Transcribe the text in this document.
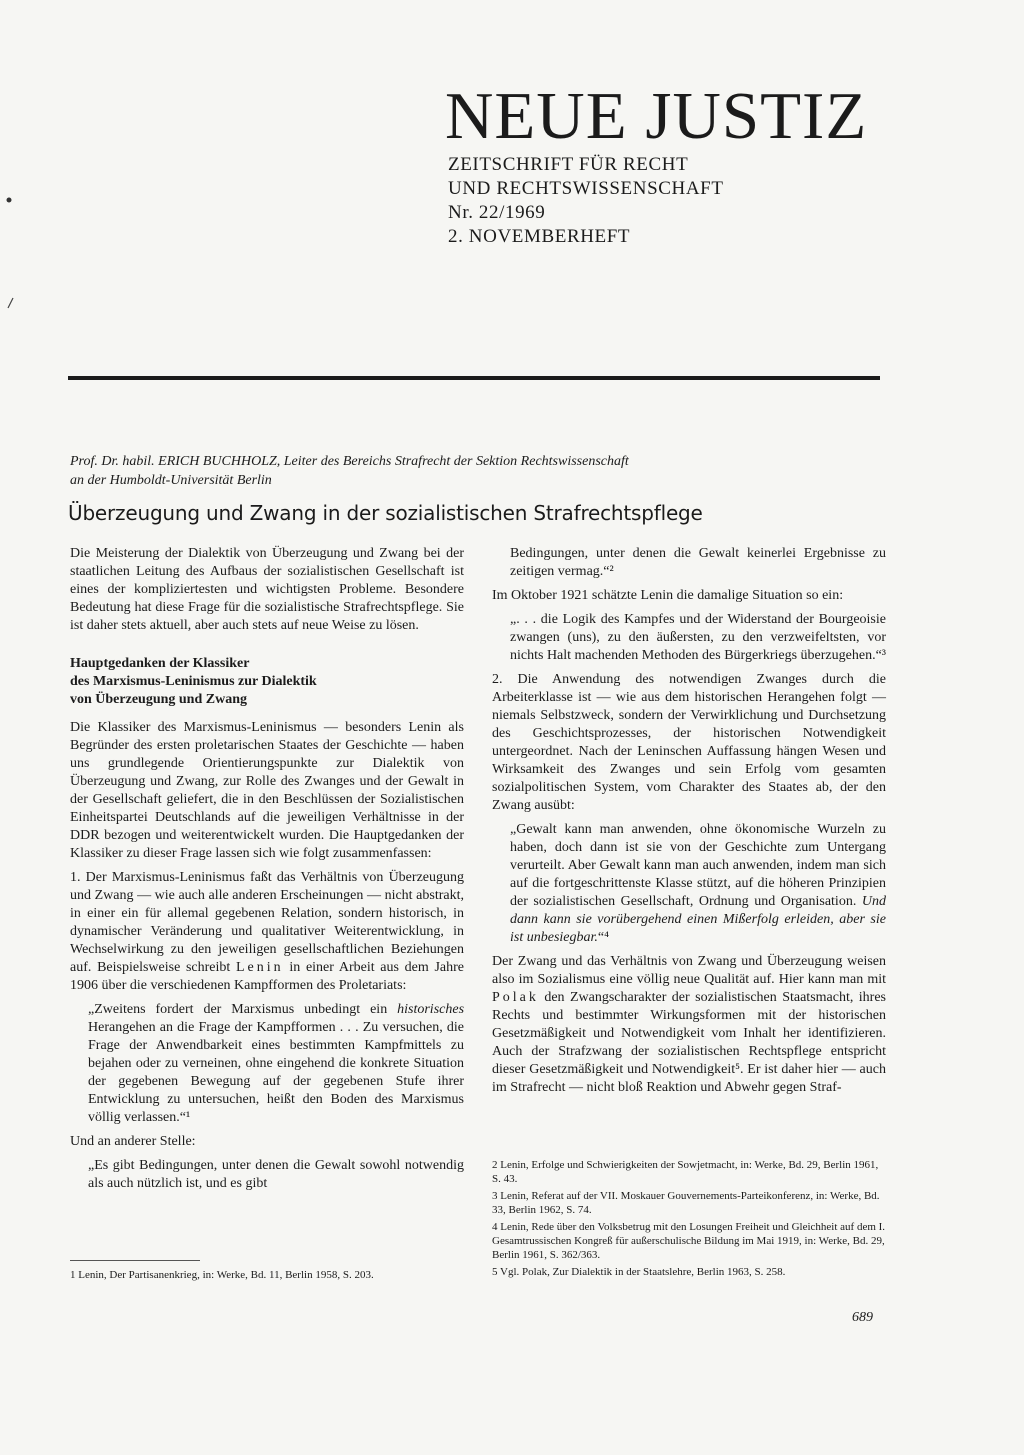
NEUE JUSTIZ
ZEITSCHRIFT FÜR RECHT
UND RECHTSWISSENSCHAFT
Nr. 22/1969
2. NOVEMBERHEFT
Prof. Dr. habil. ERICH BUCHHOLZ, Leiter des Bereichs Strafrecht der Sektion Rechtswissenschaft
an der Humboldt-Universität Berlin
Überzeugung und Zwang in der sozialistischen Strafrechtspflege

Die Meisterung der Dialektik von Überzeugung und Zwang bei der staatlichen Leitung des Aufbaus der sozialistischen Gesellschaft ist eines der kompliziertesten und wichtigsten Probleme. Besondere Bedeutung hat diese Frage für die sozialistische Strafrechtspflege. Sie ist daher stets aktuell, aber auch stets auf neue Weise zu lösen.

Hauptgedanken der Klassiker
des Marxismus-Leninismus zur Dialektik
von Überzeugung und Zwang

Die Klassiker des Marxismus-Leninismus — besonders Lenin als Begründer des ersten proletarischen Staates der Geschichte — haben uns grundlegende Orientierungspunkte zur Dialektik von Überzeugung und Zwang, zur Rolle des Zwanges und der Gewalt in der Gesellschaft geliefert, die in den Beschlüssen der Sozialistischen Einheitspartei Deutschlands auf die jeweiligen Verhältnisse in der DDR bezogen und weiterentwickelt wurden. Die Hauptgedanken der Klassiker zu dieser Frage lassen sich wie folgt zusammenfassen:

1. Der Marxismus-Leninismus faßt das Verhältnis von Überzeugung und Zwang — wie auch alle anderen Erscheinungen — nicht abstrakt, in einer ein für allemal gegebenen Relation, sondern historisch, in dynamischer Veränderung und qualitativer Weiterentwicklung, in Wechselwirkung zu den jeweiligen gesellschaftlichen Beziehungen auf. Beispielsweise schreibt Lenin in einer Arbeit aus dem Jahre 1906 über die verschiedenen Kampfformen des Proletariats:

„Zweitens fordert der Marxismus unbedingt ein historisches Herangehen an die Frage der Kampfformen . . . Zu versuchen, die Frage der Anwendbarkeit eines bestimmten Kampfmittels zu bejahen oder zu verneinen, ohne eingehend die konkrete Situation der gegebenen Bewegung auf der gegebenen Stufe ihrer Entwicklung zu untersuchen, heißt den Boden des Marxismus völlig verlassen.“¹

Und an anderer Stelle:

„Es gibt Bedingungen, unter denen die Gewalt sowohl notwendig als auch nützlich ist, und es gibt

1 Lenin, Der Partisanenkrieg, in: Werke, Bd. 11, Berlin 1958, S. 203.

Bedingungen, unter denen die Gewalt keinerlei Ergebnisse zu zeitigen vermag.“²

Im Oktober 1921 schätzte Lenin die damalige Situation so ein:

„. . . die Logik des Kampfes und der Widerstand der Bourgeoisie zwangen (uns), zu den äußersten, zu den verzweifeltsten, vor nichts Halt machenden Methoden des Bürgerkriegs überzugehen.“³

2. Die Anwendung des notwendigen Zwanges durch die Arbeiterklasse ist — wie aus dem historischen Herangehen folgt — niemals Selbstzweck, sondern der Verwirklichung und Durchsetzung des Geschichtsprozesses, der historischen Notwendigkeit untergeordnet. Nach der Leninschen Auffassung hängen Wesen und Wirksamkeit des Zwanges und sein Erfolg vom gesamten sozialpolitischen System, vom Charakter des Staates ab, der den Zwang ausübt:

„Gewalt kann man anwenden, ohne ökonomische Wurzeln zu haben, doch dann ist sie von der Geschichte zum Untergang verurteilt. Aber Gewalt kann man auch anwenden, indem man sich auf die fortgeschrittenste Klasse stützt, auf die höheren Prinzipien der sozialistischen Gesellschaft, Ordnung und Organisation. Und dann kann sie vorübergehend einen Mißerfolg erleiden, aber sie ist unbesiegbar.“⁴

Der Zwang und das Verhältnis von Zwang und Überzeugung weisen also im Sozialismus eine völlig neue Qualität auf. Hier kann man mit Polak den Zwangscharakter der sozialistischen Staatsmacht, ihres Rechts und bestimmter Wirkungsformen mit der historischen Gesetzmäßigkeit und Notwendigkeit vom Inhalt her identifizieren. Auch der Strafzwang der sozialistischen Rechtspflege entspricht dieser Gesetzmäßigkeit und Notwendigkeit⁵. Er ist daher hier — auch im Strafrecht — nicht bloß Reaktion und Abwehr gegen Straf-

2 Lenin, Erfolge und Schwierigkeiten der Sowjetmacht, in: Werke, Bd. 29, Berlin 1961, S. 43.
3 Lenin, Referat auf der VII. Moskauer Gouvernements-Parteikonferenz, in: Werke, Bd. 33, Berlin 1962, S. 74.
4 Lenin, Rede über den Volksbetrug mit den Losungen Freiheit und Gleichheit auf dem I. Gesamtrussischen Kongreß für außerschulische Bildung im Mai 1919, in: Werke, Bd. 29, Berlin 1961, S. 362/363.
5 Vgl. Polak, Zur Dialektik in der Staatslehre, Berlin 1963, S. 258.
689
